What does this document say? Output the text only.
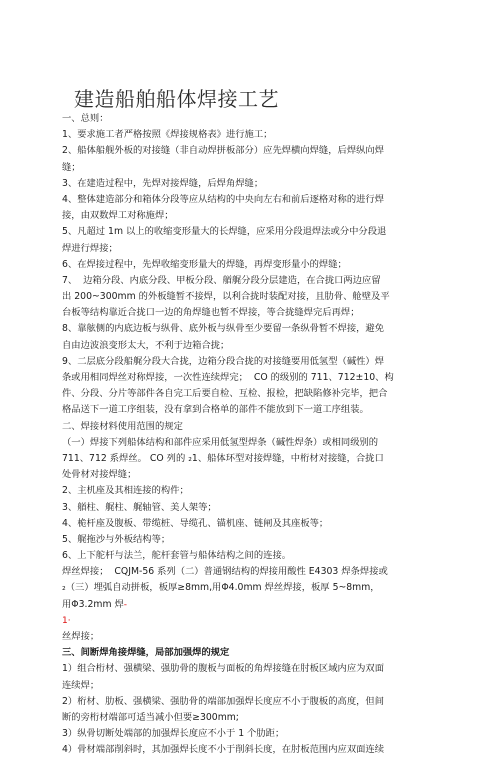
建造船舶船体焊接工艺
一、总则：
1、要求施工者严格按照《焊接规格表》进行施工；
2、船体船舰外板的对接缝（非自动焊拼板部分）应先焊横向焊缝，后焊纵向焊
缝；
3、在建造过程中，先焊对接焊缝，后焊角焊缝；
4、整体建造部分和箱体分段等应从结构的中央向左右和前后逐格对称的进行焊
接，由双数焊工对称施焊；
5、凡超过 1m 以上的收缩变形量大的长焊缝，应采用分段退焊法或分中分段退
焊进行焊接；
6、在焊接过程中，先焊收缩变形量大的焊缝，再焊变形量小的焊缝；
7、  边箱分段、内底分段、甲板分段、艏艉分段分层建造，在合拢口两边应留
出 200~300mm 的外板缝暂不接焊，以利合拢时装配对接，且肋骨、舱壁及平
台板等结构靠近合拢口一边的角焊缝也暂不焊接，等合拢缝焊完后再焊；
8、靠舷侧的内底边板与纵骨、底外板与纵骨至少要留一条纵骨暂不焊接，避免
自由边波浪变形太大，不利于边箱合拢；
9、二层底分段船艉分段大合拢，边箱分段合拢的对接缝要用低氢型（碱性）焊
条或用相同焊丝对称焊接，一次性连续焊完；  CO 的级别的 711、712±10、构
件、分段、分片等部件各自完工后要自检、互检、报检，把缺陷修补完毕，把合
格品送下一道工序组装，没有拿到合格单的部件不能放到下一道工序组装。
二、焊接材料使用范围的规定
（一）焊接下列船体结构和部件应采用低氢型焊条（碱性焊条）或相同级别的
711、712 系焊丝。 CO 列的 ₂1、船体环型对接焊缝，中桁材对接缝，合拢口
处骨材对接焊缝；
2、主机座及其相连接的构件；
3、艏柱、艉柱、艉轴管、美人架等；
4、桅杆座及腹板、带缆桩、导缆孔、锚机座、链闸及其座板等；
5、艉拖沙与外板结构等；
6、上下舵杆与法兰，舵杆套管与船体结构之间的连接。
焊丝焊接；  CQJM-56 系列（二）普通钢结构的焊接用酸性 E4303 焊条焊接或
₂（三）埋弧自动拼板，板厚≥8mm,用Φ4.0mm 焊丝焊接，板厚 5~8mm，
用Φ3.2mm 焊-
1·
丝焊接；
三、间断焊角接焊缝，局部加强焊的规定
1）组合桁材、强横梁、强肋骨的腹板与面板的角焊接缝在肘板区域内应为双面
连续焊；
2）桁材、肋板、强横梁、强肋骨的端部加强焊长度应不小于腹板的高度，但间
断的旁桁材端部可适当减小但要≥300mm;
3）纵骨切断处端部的加强焊长度应不小于 1 个肋距；
4）骨材端部削斜时，其加强焊长度不小于削斜长度，在肘板范围内应双面连续
